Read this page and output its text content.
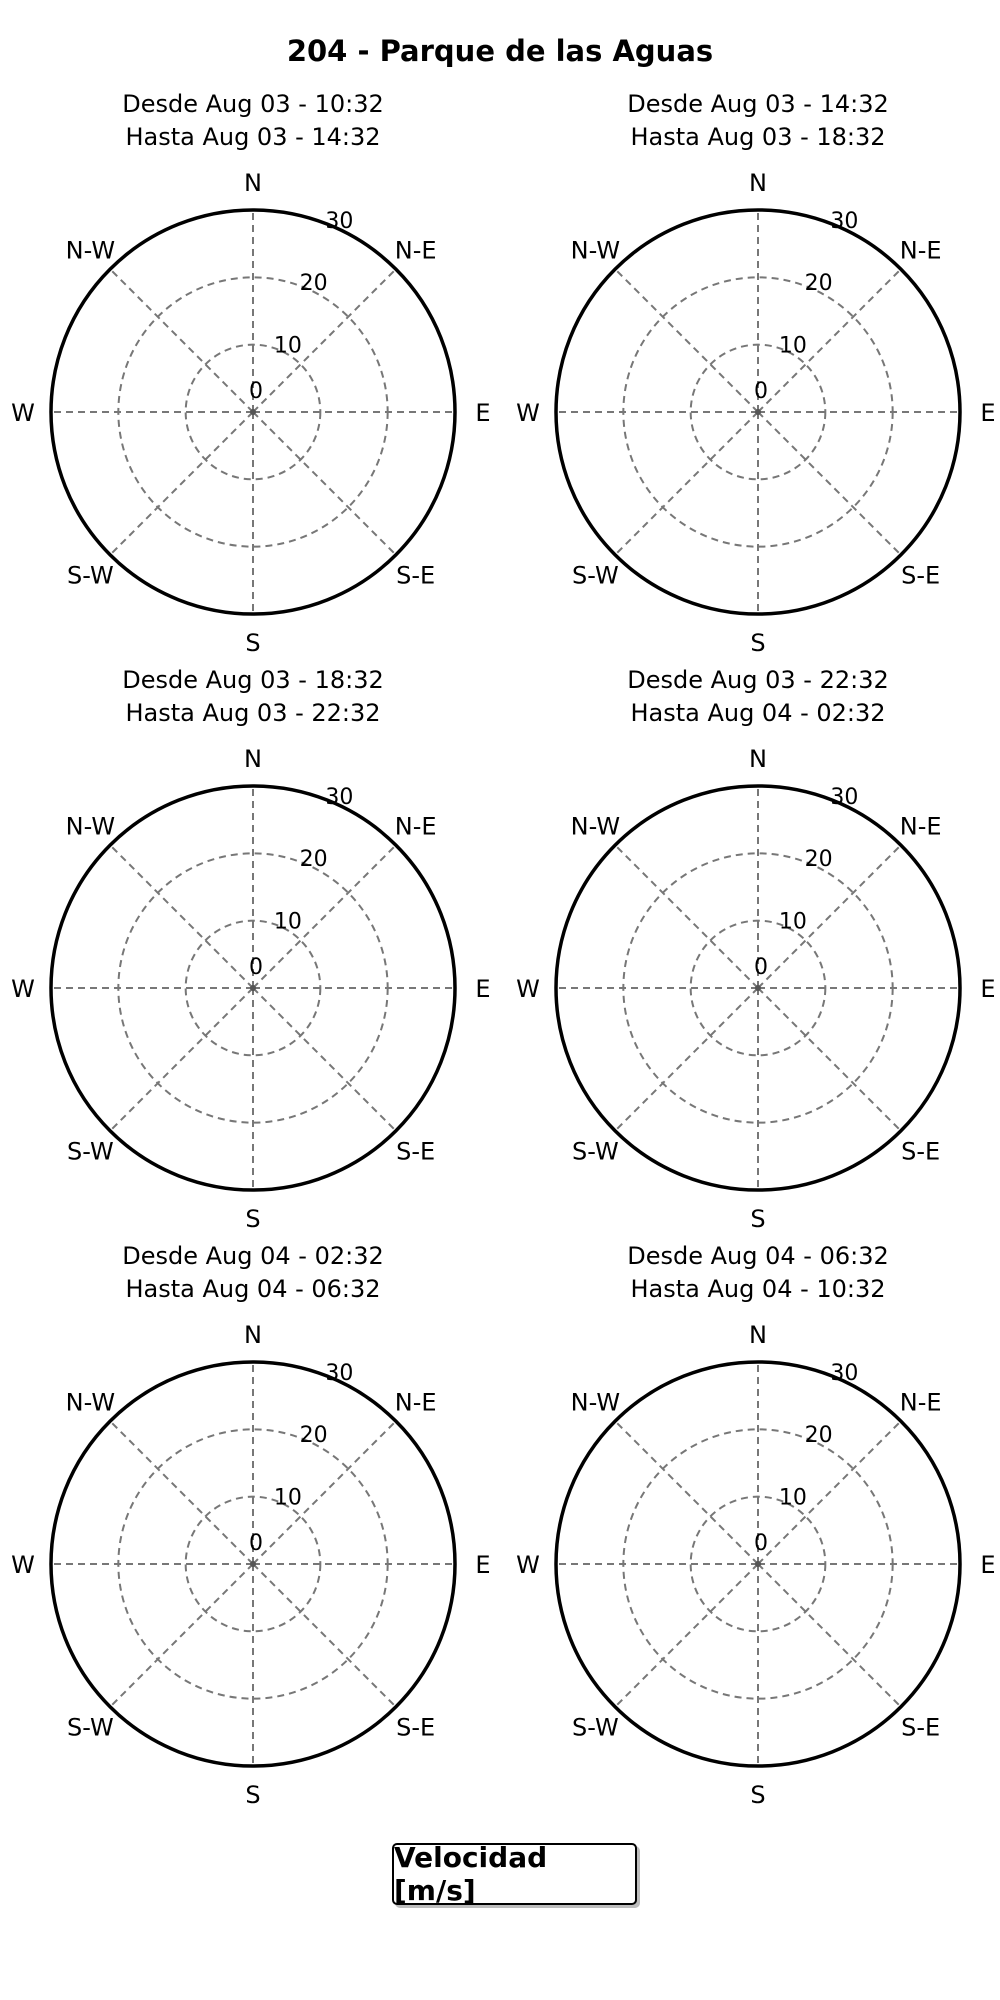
204 - Parque de las Aguas
Desde Aug 03 - 10:32
Hasta Aug 03 - 14:32
0
10
20
30
N
N-E
E
S-E
S
S-W
W
N-W
Desde Aug 03 - 14:32
Hasta Aug 03 - 18:32
0
10
20
30
N
N-E
E
S-E
S
S-W
W
N-W
Desde Aug 03 - 18:32
Hasta Aug 03 - 22:32
0
10
20
30
N
N-E
E
S-E
S
S-W
W
N-W
Desde Aug 03 - 22:32
Hasta Aug 04 - 02:32
0
10
20
30
N
N-E
E
S-E
S
S-W
W
N-W
Desde Aug 04 - 02:32
Hasta Aug 04 - 06:32
0
10
20
30
N
N-E
E
S-E
S
S-W
W
N-W
Desde Aug 04 - 06:32
Hasta Aug 04 - 10:32
0
10
20
30
N
N-E
E
S-E
S
S-W
W
N-W
Velocidad [m/s]
